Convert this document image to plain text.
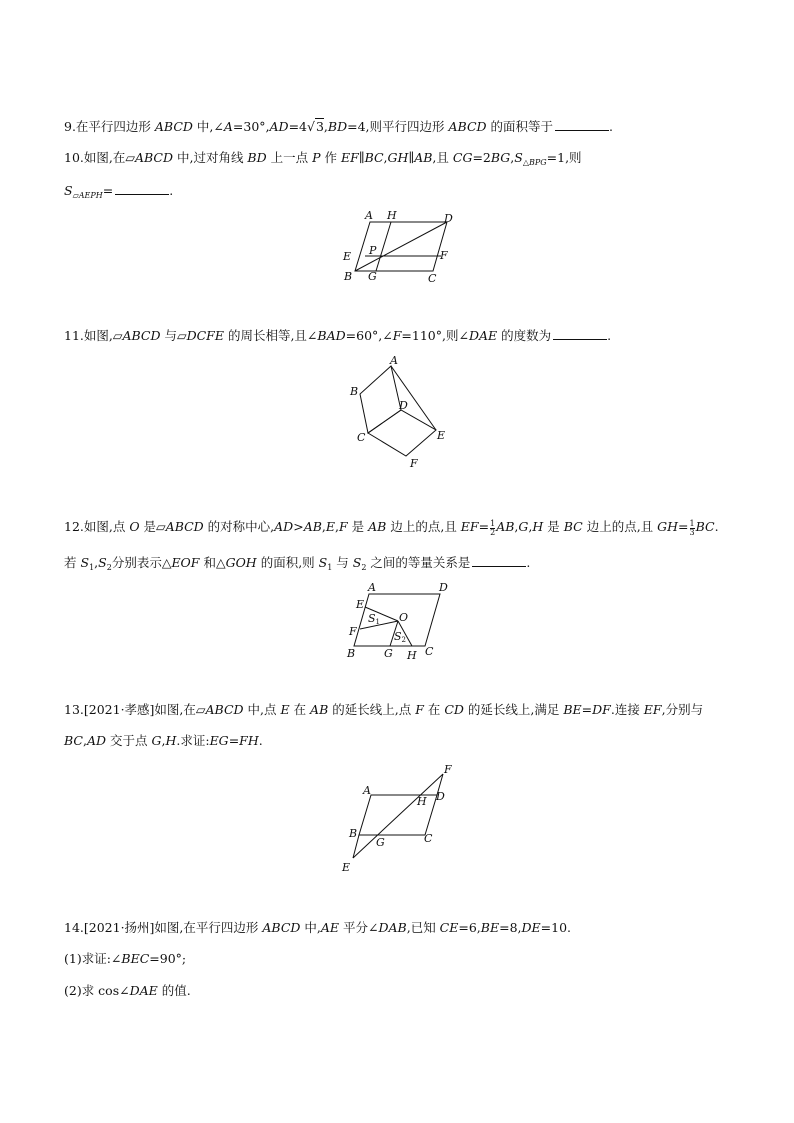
9.在平行四边形 ABCD 中,∠A=30°,AD=4√3,BD=4,则平行四边形 ABCD 的面积等于	.
10.如图,在▱ABCD 中,过对角线 BD 上一点 P 作 EF∥BC,GH∥AB,且 $CG=2BG,S_{\triangle BPG}=1$,则
$S_{▱AEPH}=$	.
A H	D
E P	F
B G	C
11.如图,▱ABCD 与▱DCFE 的周长相等,且∠BAD=60°,∠F=110°,则∠DAE 的度数为	.
A
B
D
C	E
F
12.如图,点 O 是▱ABCD 的对称中心,AD>AB,E,F 是 AB 边上的点,且 $EF= \frac{1}{2}AB,G,H$ 是 BC 边上的点,且 $GH= \frac{1}{3}BC$.
若 $S_1,S_2$分别表示△EOF 和△GOH 的面积,则 $S_1$ 与 $S_2$ 之间的等量关系是	.
A	D
E
O
S1
F	S2
B	G H C
13.[2021·孝感]如图,在▱ABCD 中,点 E 在 AB 的延长线上,点 F 在 CD 的延长线上,满足 BE=DF.连接 EF,分别与
BC,AD 交于点 G,H.求证:EG=FH.
F
A
H D
B
G	C
E
14.[2021·扬州]如图,在平行四边形 ABCD 中,AE 平分∠DAB,已知 CE=6,BE=8,DE=10.
(1)求证:∠BEC=90°;
(2)求 cos∠DAE 的值.
